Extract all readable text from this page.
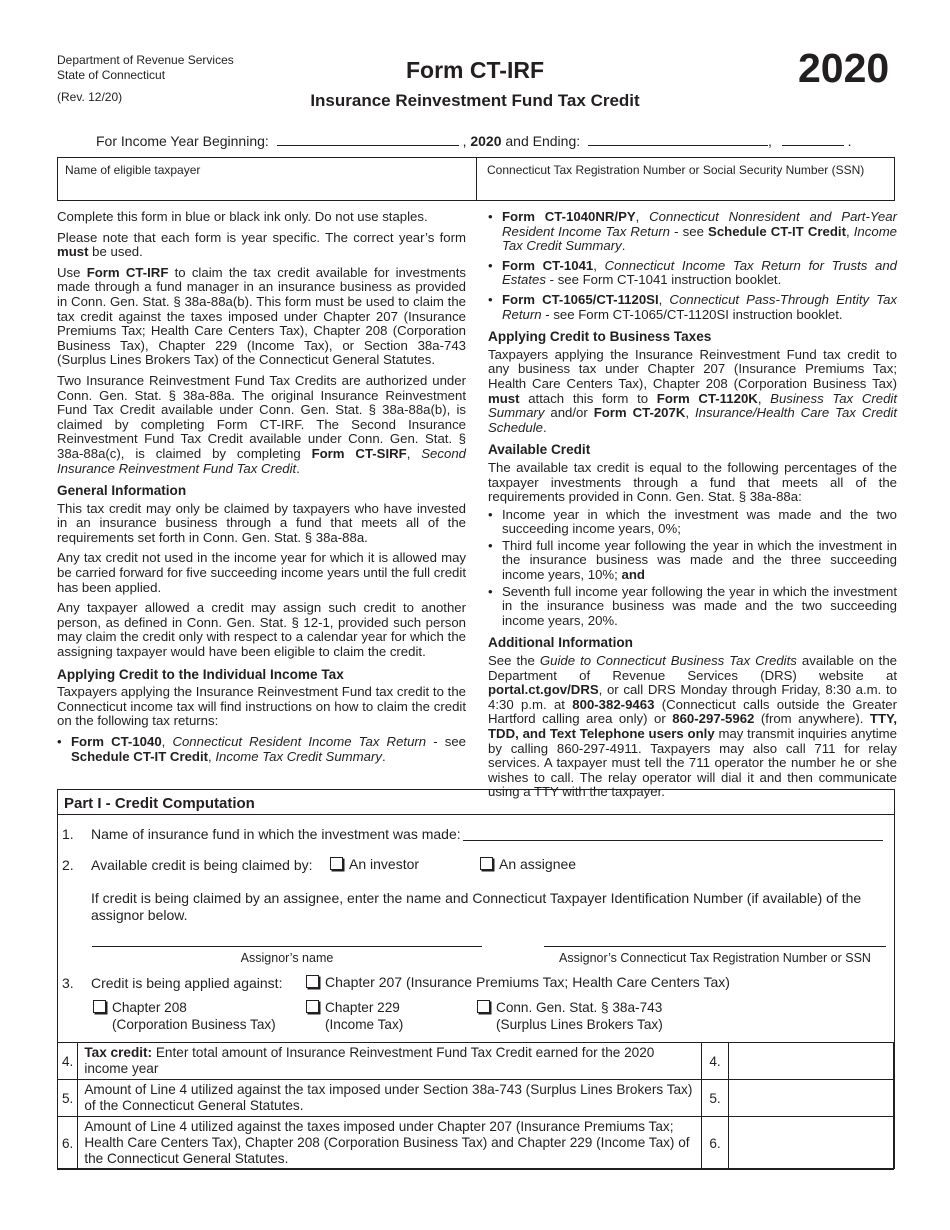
Department of Revenue Services
State of Connecticut
(Rev. 12/20)
Form CT-IRF
Insurance Reinvestment Fund Tax Credit
2020
For Income Year Beginning:	, 2020 and Ending:	,	.
Name of eligible taxpayer	Connecticut Tax Registration Number or Social Security Number (SSN)

Complete this form in blue or black ink only. Do not use staples.

Please note that each form is year specific. The correct year’s form must be used.

Use Form CT-IRF to claim the tax credit available for investments made through a fund manager in an insurance business as provided in Conn. Gen. Stat. § 38a-88a(b). This form must be used to claim the tax credit against the taxes imposed under Chapter 207 (Insurance Premiums Tax; Health Care Centers Tax), Chapter 208 (Corporation Business Tax), Chapter 229 (Income Tax), or Section 38a-743 (Surplus Lines Brokers Tax) of the Connecticut General Statutes.

Two Insurance Reinvestment Fund Tax Credits are authorized under Conn. Gen. Stat. § 38a-88a. The original Insurance Reinvestment Fund Tax Credit available under Conn. Gen. Stat. § 38a-88a(b), is claimed by completing Form CT-IRF. The Second Insurance Reinvestment Fund Tax Credit available under Conn. Gen. Stat. § 38a-88a(c), is claimed by completing Form CT-SIRF, Second Insurance Reinvestment Fund Tax Credit.

General Information

This tax credit may only be claimed by taxpayers who have invested in an insurance business through a fund that meets all of the requirements set forth in Conn. Gen. Stat. § 38a-88a.

Any tax credit not used in the income year for which it is allowed may be carried forward for five succeeding income years until the full credit has been applied.

Any taxpayer allowed a credit may assign such credit to another person, as defined in Conn. Gen. Stat. § 12-1, provided such person may claim the credit only with respect to a calendar year for which the assigning taxpayer would have been eligible to claim the credit.

Applying Credit to the Individual Income Tax

Taxpayers applying the Insurance Reinvestment Fund tax credit to the Connecticut income tax will find instructions on how to claim the credit on the following tax returns:

• Form CT-1040, Connecticut Resident Income Tax Return - see Schedule CT-IT Credit, Income Tax Credit Summary.
• Form CT-1040NR/PY, Connecticut Nonresident and Part-Year Resident Income Tax Return - see Schedule CT-IT Credit, Income Tax Credit Summary.
• Form CT-1041, Connecticut Income Tax Return for Trusts and Estates - see Form CT-1041 instruction booklet.
• Form CT-1065/CT-1120SI, Connecticut Pass-Through Entity Tax Return - see Form CT-1065/CT-1120SI instruction booklet.
Applying Credit to Business Taxes

Taxpayers applying the Insurance Reinvestment Fund tax credit to any business tax under Chapter 207 (Insurance Premiums Tax; Health Care Centers Tax), Chapter 208 (Corporation Business Tax) must attach this form to Form CT-1120K, Business Tax Credit Summary and/or Form CT-207K, Insurance/Health Care Tax Credit Schedule.

Available Credit

The available tax credit is equal to the following percentages of the taxpayer investments through a fund that meets all of the requirements provided in Conn. Gen. Stat. § 38a-88a:

• Income year in which the investment was made and the two succeeding income years, 0%;
• Third full income year following the year in which the investment in the insurance business was made and the three succeeding income years, 10%; and
• Seventh full income year following the year in which the investment in the insurance business was made and the two succeeding income years, 20%.
Additional Information

See the Guide to Connecticut Business Tax Credits available on the Department of Revenue Services (DRS) website at portal.ct.gov/DRS, or call DRS Monday through Friday, 8:30 a.m. to 4:30 p.m. at 800-382-9463 (Connecticut calls outside the Greater Hartford calling area only) or 860-297-5962 (from anywhere). TTY, TDD, and Text Telephone users only may transmit inquiries anytime by calling 860-297-4911. Taxpayers may also call 711 for relay services. A taxpayer must tell the 711 operator the number he or she wishes to call. The relay operator will dial it and then communicate using a TTY with the taxpayer.

Part I - Credit Computation
1. Name of insurance fund in which the investment was made:
2. Available credit is being claimed by:	An investor	An assignee
If credit is being claimed by an assignee, enter the name and Connecticut Taxpayer Identification Number (if available) of the assignor below.
Assignor’s name	Assignor’s Connecticut Tax Registration Number or SSN
3. Credit is being applied against:	Chapter 207 (Insurance Premiums Tax; Health Care Centers Tax)
Chapter 208
(Corporation Business Tax)
Chapter 229
(Income Tax)
Conn. Gen. Stat. § 38a-743
(Surplus Lines Brokers Tax)
4.	Tax credit: Enter total amount of Insurance Reinvestment Fund Tax Credit earned for the 2020 income year	4.	
5.	Amount of Line 4 utilized against the tax imposed under Section 38a-743 (Surplus Lines Brokers Tax) of the Connecticut General Statutes.	5.	
6.	Amount of Line 4 utilized against the taxes imposed under Chapter 207 (Insurance Premiums Tax; Health Care Centers Tax), Chapter 208 (Corporation Business Tax) and Chapter 229 (Income Tax) of the Connecticut General Statutes.	6.	
